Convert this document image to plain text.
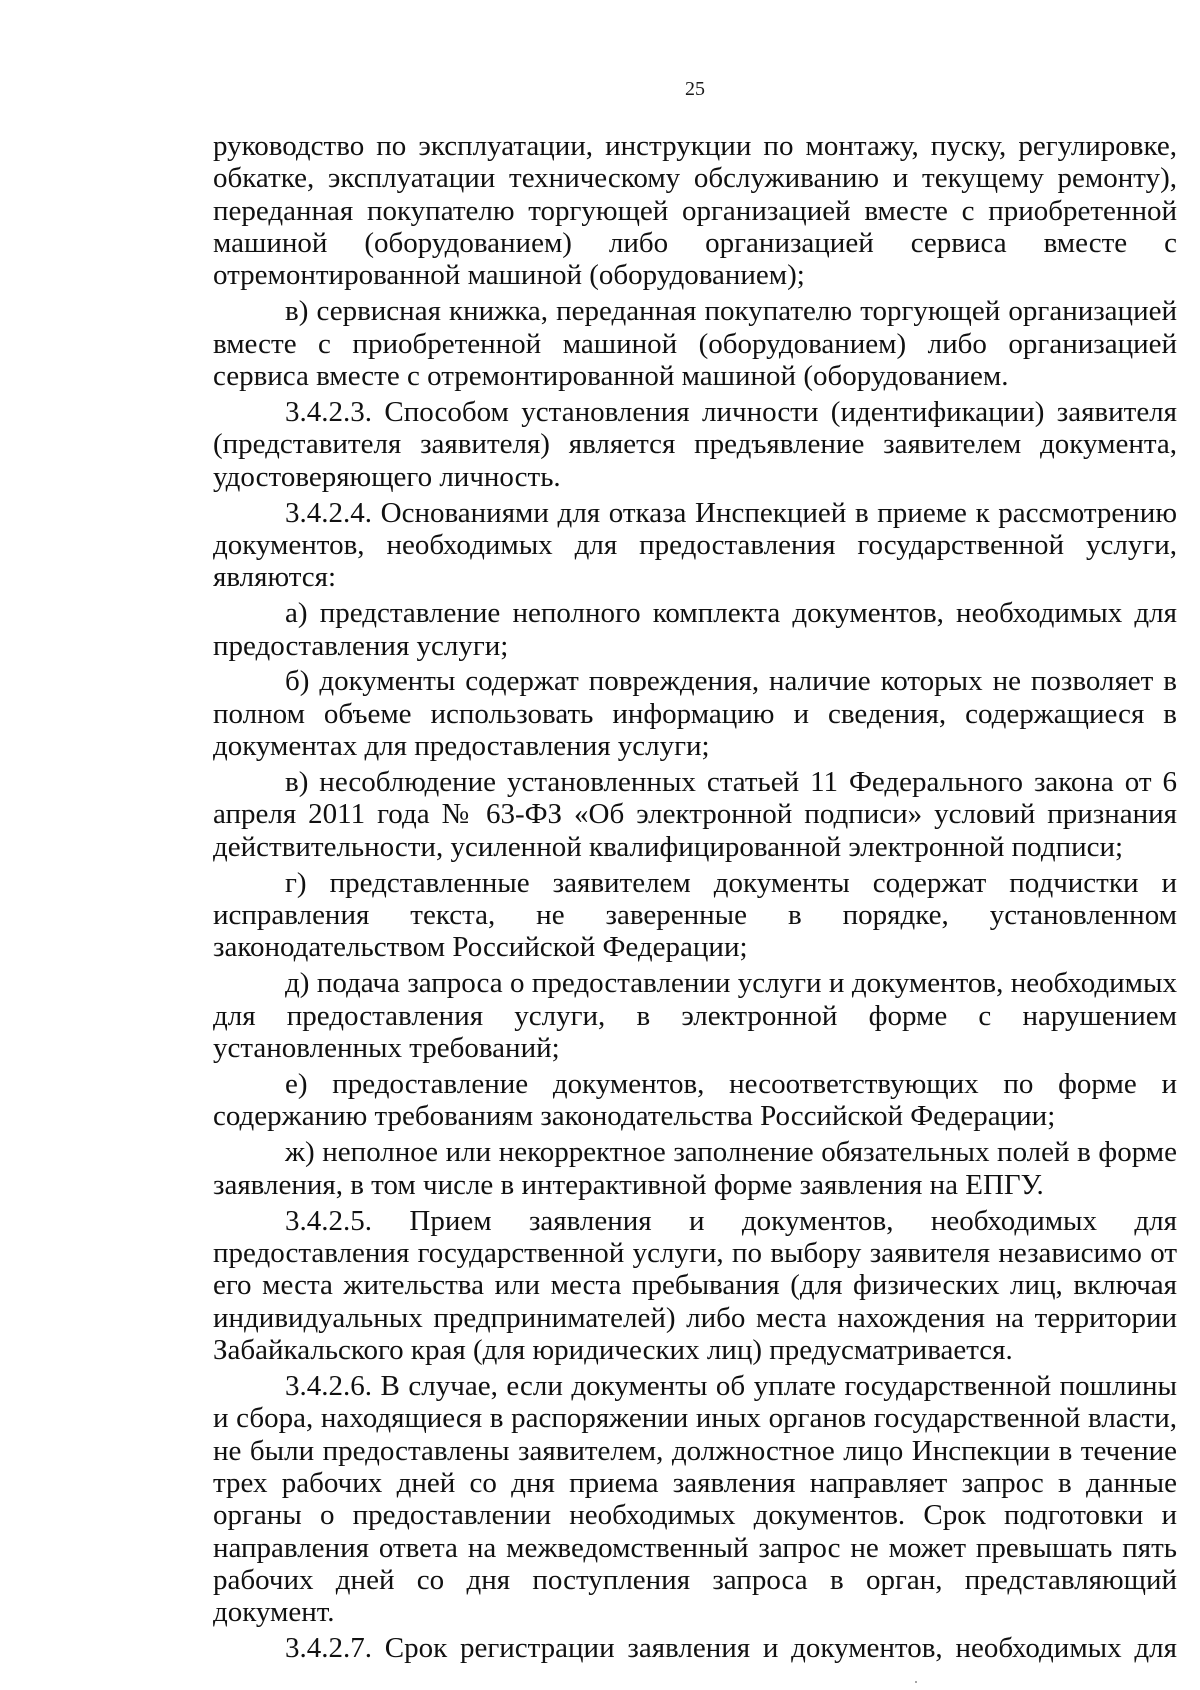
25

руководство по эксплуатации, инструкции по монтажу, пуску, регулировке, обкатке, эксплуатации техническому обслуживанию и текущему ремонту), переданная покупателю торгующей организацией вместе с приобретенной машиной (оборудованием) либо организацией сервиса вместе с отремонтированной машиной (оборудованием);

в) сервисная книжка, переданная покупателю торгующей организацией вместе с приобретенной машиной (оборудованием) либо организацией сервиса вместе с отремонтированной машиной (оборудованием.

3.4.2.3. Способом установления личности (идентификации) заявителя (представителя заявителя) является предъявление заявителем документа, удостоверяющего личность.

3.4.2.4. Основаниями для отказа Инспекцией в приеме к рассмотрению документов, необходимых для предоставления государственной услуги, являются:

а) представление неполного комплекта документов, необходимых для предоставления услуги;

б) документы содержат повреждения, наличие которых не позволяет в полном объеме использовать информацию и сведения, содержащиеся в документах для предоставления услуги;

в) несоблюдение установленных статьей 11 Федерального закона от 6 апреля 2011 года № 63-ФЗ «Об электронной подписи» условий признания действительности, усиленной квалифицированной электронной подписи;

г) представленные заявителем документы содержат подчистки и исправления текста, не заверенные в порядке, установленном законодательством Российской Федерации;

д) подача запроса о предоставлении услуги и документов, необходимых для предоставления услуги, в электронной форме с нарушением установленных требований;

е) предоставление документов, несоответствующих по форме и содержанию требованиям законодательства Российской Федерации;

ж) неполное или некорректное заполнение обязательных полей в форме заявления, в том числе в интерактивной форме заявления на ЕПГУ.

3.4.2.5. Прием заявления и документов, необходимых для предоставления государственной услуги, по выбору заявителя независимо от его места жительства или места пребывания (для физических лиц, включая индивидуальных предпринимателей) либо места нахождения на территории Забайкальского края (для юридических лиц) предусматривается.

3.4.2.6. В случае, если документы об уплате государственной пошлины и сбора, находящиеся в распоряжении иных органов государственной власти, не были предоставлены заявителем, должностное лицо Инспекции в течение трех рабочих дней со дня приема заявления направляет запрос в данные органы о предоставлении необходимых документов. Срок подготовки и направления ответа на межведомственный запрос не может превышать пять рабочих дней со дня поступления запроса в орган, представляющий документ.

3.4.2.7. Срок регистрации заявления и документов, необходимых для
